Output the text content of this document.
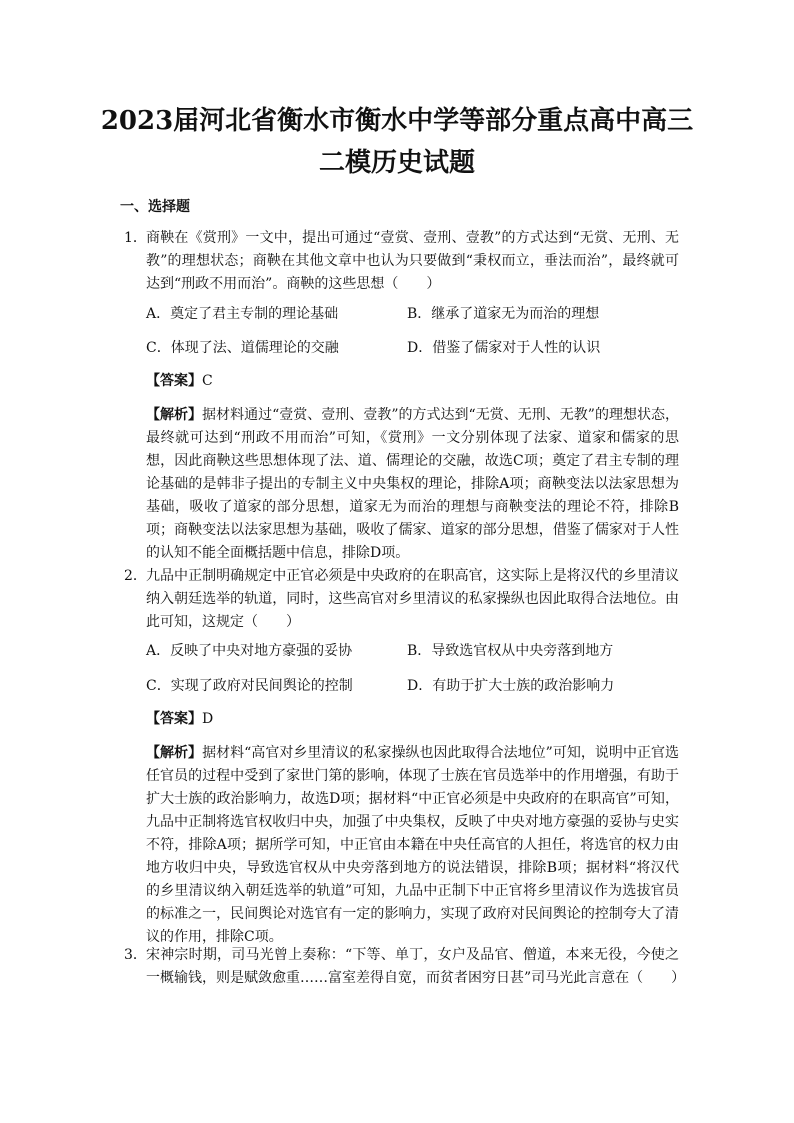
2023届河北省衡水市衡水中学等部分重点高中高三
二模历史试题
一、选择题
1． 商鞅在《赏刑》一文中，提出可通过“壹赏、壹刑、壹教”的方式达到“无赏、无刑、无教”的理想状态；商鞅在其他文章中也认为只要做到“秉权而立，垂法而治”，最终就可达到“刑政不用而治”。商鞅的这些思想（　　）
A．奠定了君主专制的理论基础	B．继承了道家无为而治的理想
C．体现了法、道儒理论的交融	D．借鉴了儒家对于人性的认识
【答案】C
【解析】据材料通过“壹赏、壹刑、壹教”的方式达到“无赏、无刑、无教”的理想状态，最终就可达到“刑政不用而治”可知，《赏刑》一文分别体现了法家、道家和儒家的思想，因此商鞅这些思想体现了法、道、儒理论的交融，故选C项；奠定了君主专制的理论基础的是韩非子提出的专制主义中央集权的理论，排除A项；商鞅变法以法家思想为基础，吸收了道家的部分思想，道家无为而治的理想与商鞅变法的理论不符，排除B项；商鞅变法以法家思想为基础，吸收了儒家、道家的部分思想，借鉴了儒家对于人性的认知不能全面概括题中信息，排除D项。
2． 九品中正制明确规定中正官必须是中央政府的在职高官，这实际上是将汉代的乡里清议纳入朝廷选举的轨道，同时，这些高官对乡里清议的私家操纵也因此取得合法地位。由此可知，这规定（　　）
A．反映了中央对地方豪强的妥协	B．导致选官权从中央旁落到地方
C．实现了政府对民间舆论的控制	D．有助于扩大士族的政治影响力
【答案】D
【解析】据材料“高官对乡里清议的私家操纵也因此取得合法地位”可知，说明中正官选任官员的过程中受到了家世门第的影响，体现了士族在官员选举中的作用增强，有助于扩大士族的政治影响力，故选D项；据材料“中正官必须是中央政府的在职高官”可知，九品中正制将选官权收归中央，加强了中央集权，反映了中央对地方豪强的妥协与史实不符，排除A项；据所学可知，中正官由本籍在中央任高官的人担任，将选官的权力由地方收归中央，导致选官权从中央旁落到地方的说法错误，排除B项；据材料“将汉代的乡里清议纳入朝廷选举的轨道”可知，九品中正制下中正官将乡里清议作为选拔官员的标准之一，民间舆论对选官有一定的影响力，实现了政府对民间舆论的控制夸大了清议的作用，排除C项。
3． 宋神宗时期，司马光曾上奏称：“下等、单丁，女户及品官、僧道，本来无役，今使之一概输钱，则是赋敛愈重……富室差得自宽，而贫者困穷日甚”司马光此言意在（　　）
